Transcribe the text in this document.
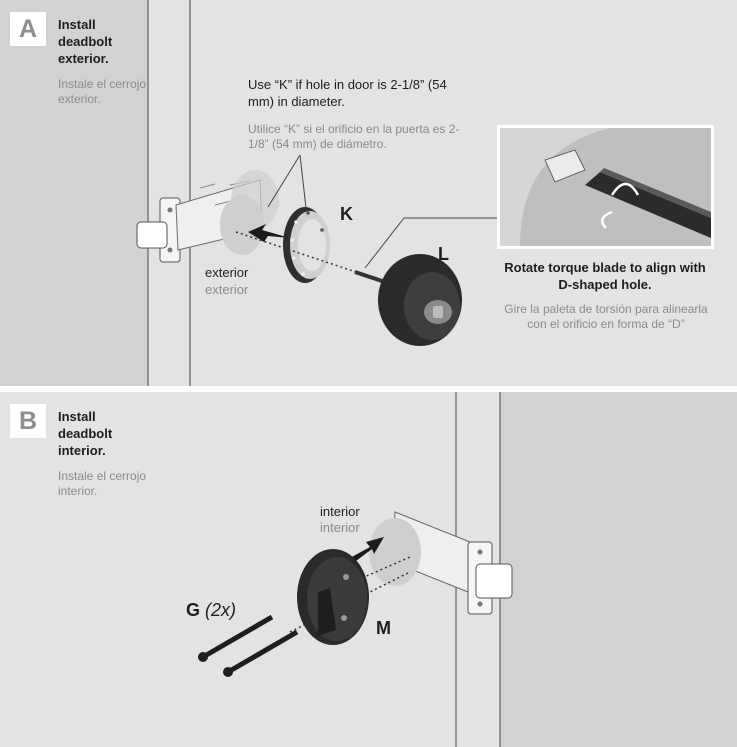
A	Install deadbolt exterior.
Instale el cerrojo exterior.
Use “K” if hole in door is 2-1/8” (54 mm) in diameter.
Utilice “K” si el orificio en la puerta es 2-1/8” (54 mm) de diámetro.
K
L
exterior
exterior
Rotate torque blade to align with D-shaped hole.
Gire la paleta de torsión para alinearla con el orificio en forma de “D”
B	Install deadbolt interior.
Instale el cerrojo interior.
interior
interior
G (2x)
M
